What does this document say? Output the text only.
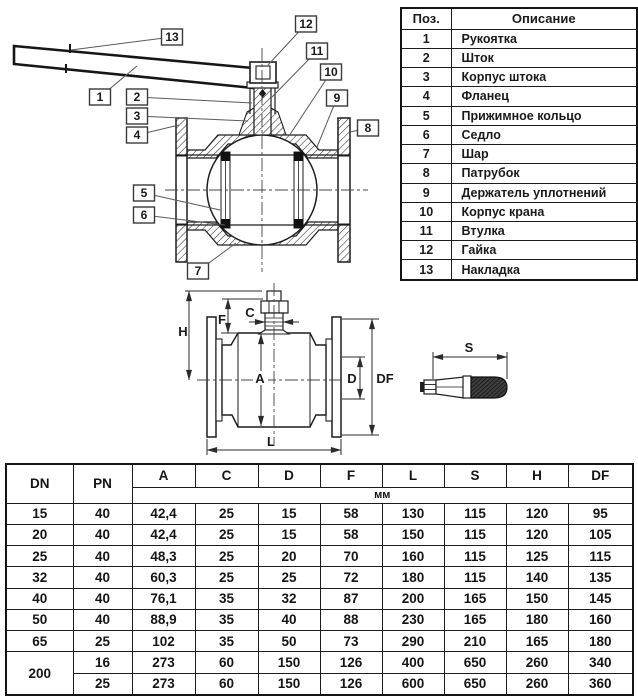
13
1	2
3
4
5
6
7
8
9
10
11
12
H
F C
A	D DF
L
S
Поз.	Описание
1	Рукоятка
2	Шток
3	Корпус штока
4	Фланец
5	Прижимное кольцо
6	Седло
7	Шар
8	Патрубок
9	Держатель уплотнений
10	Корпус крана
11	Втулка
12	Гайка
13	Накладка
DN	PN	A	C	D	F	L	S	H	DF
		мм							
15	40	42,4	25	15	58	130	115	120	95
20	40	42,4	25	15	58	150	115	120	105
25	40	48,3	25	20	70	160	115	125	115
32	40	60,3	25	25	72	180	115	140	135
40	40	76,1	35	32	87	200	165	150	145
50	40	88,9	35	40	88	230	165	180	160
65	25	102	35	50	73	290	210	165	180
200	16	273	60	150	126	400	650	260	340
	25	273	60	150	126	600	650	260	360
